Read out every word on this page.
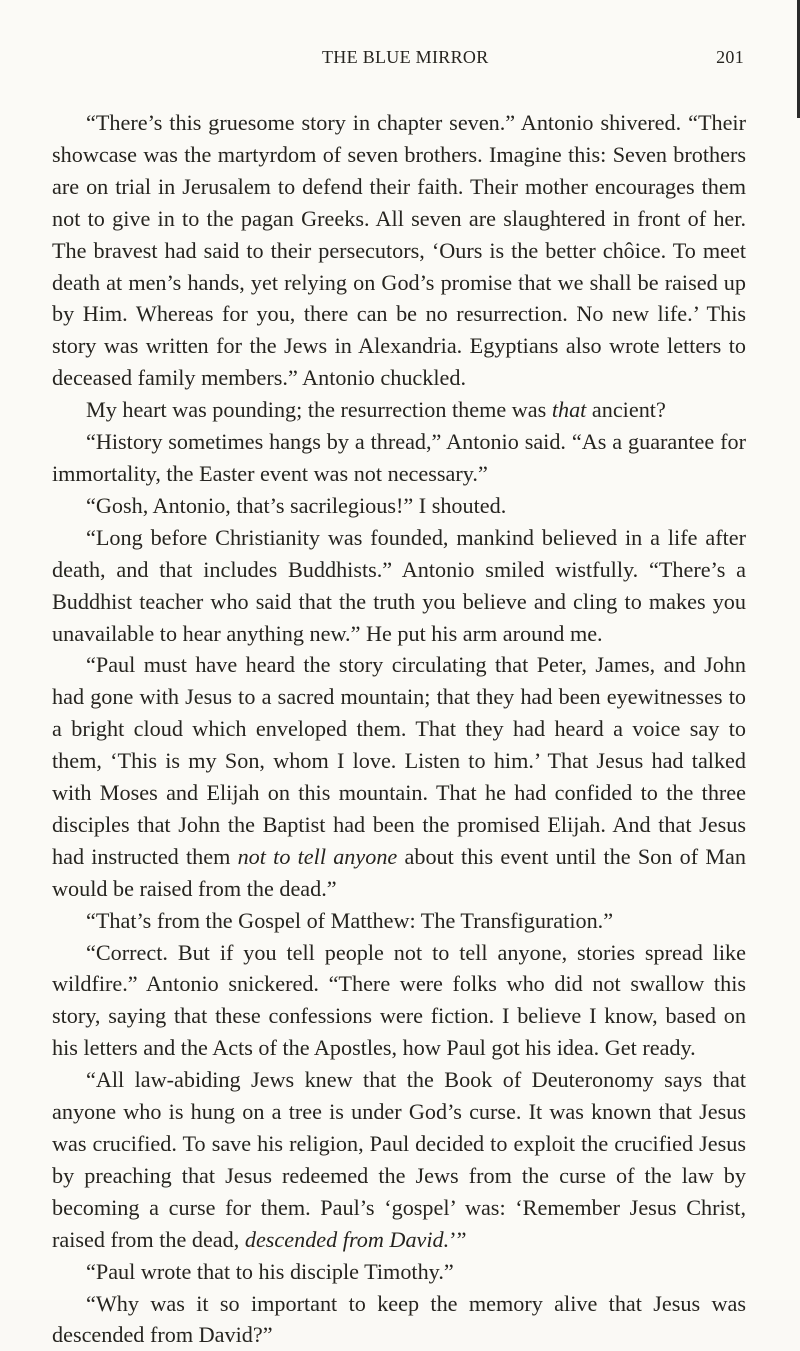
THE BLUE MIRROR	201

“There’s this gruesome story in chapter seven.” Antonio shivered. “Their showcase was the martyrdom of seven brothers. Imagine this: Seven brothers are on trial in Jerusalem to defend their faith. Their mother encourages them not to give in to the pagan Greeks. All seven are slaughtered in front of her. The bravest had said to their persecutors, ‘Ours is the better chôice. To meet death at men’s hands, yet relying on God’s promise that we shall be raised up by Him. Whereas for you, there can be no resurrection. No new life.’ This story was written for the Jews in Alexandria. Egyptians also wrote letters to deceased family members.” Antonio chuckled.

My heart was pounding; the resurrection theme was that ancient?

“History sometimes hangs by a thread,” Antonio said. “As a guarantee for immortality, the Easter event was not necessary.”

“Gosh, Antonio, that’s sacrilegious!” I shouted.

“Long before Christianity was founded, mankind believed in a life after death, and that includes Buddhists.” Antonio smiled wistfully. “There’s a Buddhist teacher who said that the truth you believe and cling to makes you unavailable to hear anything new.” He put his arm around me.

“Paul must have heard the story circulating that Peter, James, and John had gone with Jesus to a sacred mountain; that they had been eyewitnesses to a bright cloud which enveloped them. That they had heard a voice say to them, ‘This is my Son, whom I love. Listen to him.’ That Jesus had talked with Moses and Elijah on this mountain. That he had confided to the three disciples that John the Baptist had been the promised Elijah. And that Jesus had instructed them not to tell anyone about this event until the Son of Man would be raised from the dead.”

“That’s from the Gospel of Matthew: The Transfiguration.”

“Correct. But if you tell people not to tell anyone, stories spread like wildfire.” Antonio snickered. “There were folks who did not swallow this story, saying that these confessions were fiction. I believe I know, based on his letters and the Acts of the Apostles, how Paul got his idea. Get ready.

“All law-abiding Jews knew that the Book of Deuteronomy says that anyone who is hung on a tree is under God’s curse. It was known that Jesus was crucified. To save his religion, Paul decided to exploit the crucified Jesus by preaching that Jesus redeemed the Jews from the curse of the law by becoming a curse for them. Paul’s ‘gospel’ was: ‘Remember Jesus Christ, raised from the dead, descended from David.’”

“Paul wrote that to his disciple Timothy.”

“Why was it so important to keep the memory alive that Jesus was descended from David?”
